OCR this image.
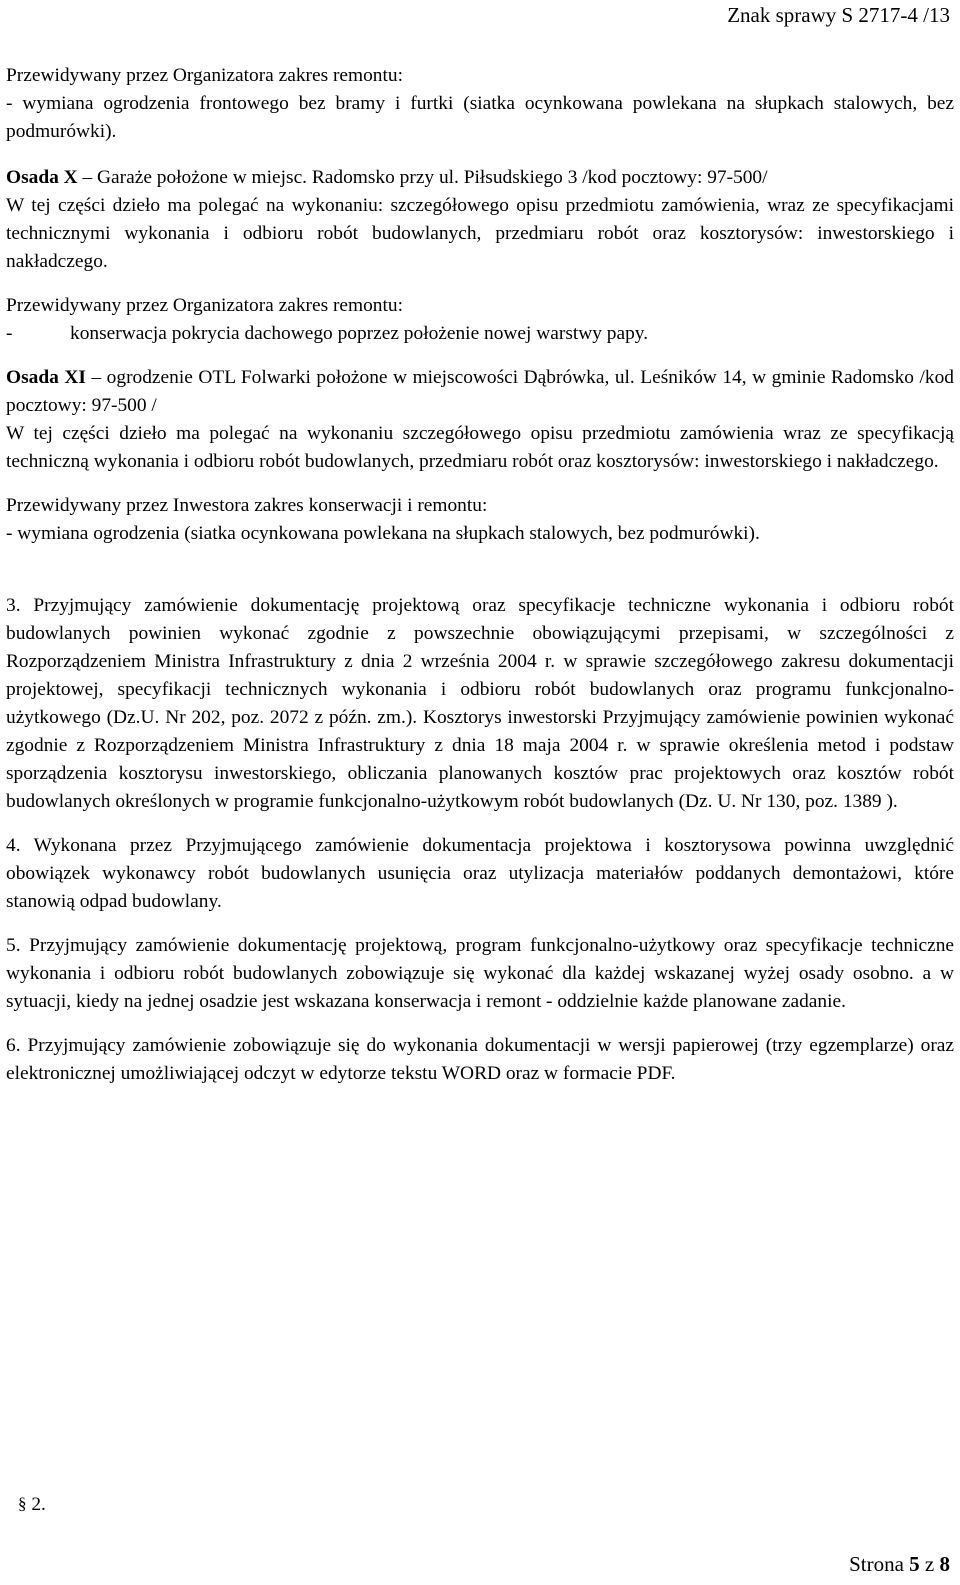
Znak sprawy S 2717-4 /13

Przewidywany przez Organizatora zakres remontu:

- wymiana ogrodzenia frontowego bez bramy i furtki (siatka ocynkowana powlekana na słupkach stalowych, bez podmurówki).

Osada X – Garaże położone w miejsc. Radomsko przy ul. Piłsudskiego 3 /kod pocztowy: 97-500/

W tej części dzieło ma polegać na wykonaniu: szczegółowego opisu przedmiotu zamówienia, wraz ze specyfikacjami technicznymi wykonania i odbioru robót budowlanych, przedmiaru robót oraz kosztorysów: inwestorskiego i nakładczego.

Przewidywany przez Organizatora zakres remontu:

-	konserwacja pokrycia dachowego poprzez położenie nowej warstwy papy.

Osada XI – ogrodzenie OTL Folwarki położone w miejscowości Dąbrówka, ul. Leśników 14, w gminie Radomsko /kod pocztowy: 97-500 /

W tej części dzieło ma polegać na wykonaniu szczegółowego opisu przedmiotu zamówienia wraz ze specyfikacją techniczną wykonania i odbioru robót budowlanych, przedmiaru robót oraz kosztorysów: inwestorskiego i nakładczego.

Przewidywany przez Inwestora zakres konserwacji i remontu:

- wymiana ogrodzenia (siatka ocynkowana powlekana na słupkach stalowych, bez podmurówki).

3. Przyjmujący zamówienie dokumentację projektową oraz specyfikacje techniczne wykonania i odbioru robót budowlanych powinien wykonać zgodnie z powszechnie obowiązującymi przepisami, w szczególności z Rozporządzeniem Ministra Infrastruktury z dnia 2 września 2004 r. w sprawie szczegółowego zakresu dokumentacji projektowej, specyfikacji technicznych wykonania i odbioru robót budowlanych oraz programu funkcjonalno-użytkowego (Dz.U. Nr 202, poz. 2072 z późn. zm.). Kosztorys inwestorski Przyjmujący zamówienie powinien wykonać zgodnie z Rozporządzeniem Ministra Infrastruktury z dnia 18 maja 2004 r. w sprawie określenia metod i podstaw sporządzenia kosztorysu inwestorskiego, obliczania planowanych kosztów prac projektowych oraz kosztów robót budowlanych określonych w programie funkcjonalno-użytkowym robót budowlanych (Dz. U. Nr 130, poz. 1389 ).

4. Wykonana przez Przyjmującego zamówienie dokumentacja projektowa i kosztorysowa powinna uwzględnić obowiązek wykonawcy robót budowlanych usunięcia oraz utylizacja materiałów poddanych demontażowi, które stanowią odpad budowlany.

5. Przyjmujący zamówienie dokumentację projektową, program funkcjonalno-użytkowy oraz specyfikacje techniczne wykonania i odbioru robót budowlanych zobowiązuje się wykonać dla każdej wskazanej wyżej osady osobno. a w sytuacji, kiedy na jednej osadzie jest wskazana konserwacja i remont - oddzielnie każde planowane zadanie.

6. Przyjmujący zamówienie zobowiązuje się do wykonania dokumentacji w wersji papierowej (trzy egzemplarze) oraz elektronicznej umożliwiającej odczyt w edytorze tekstu WORD oraz w formacie PDF.

§ 2.
Strona 5 z 8
